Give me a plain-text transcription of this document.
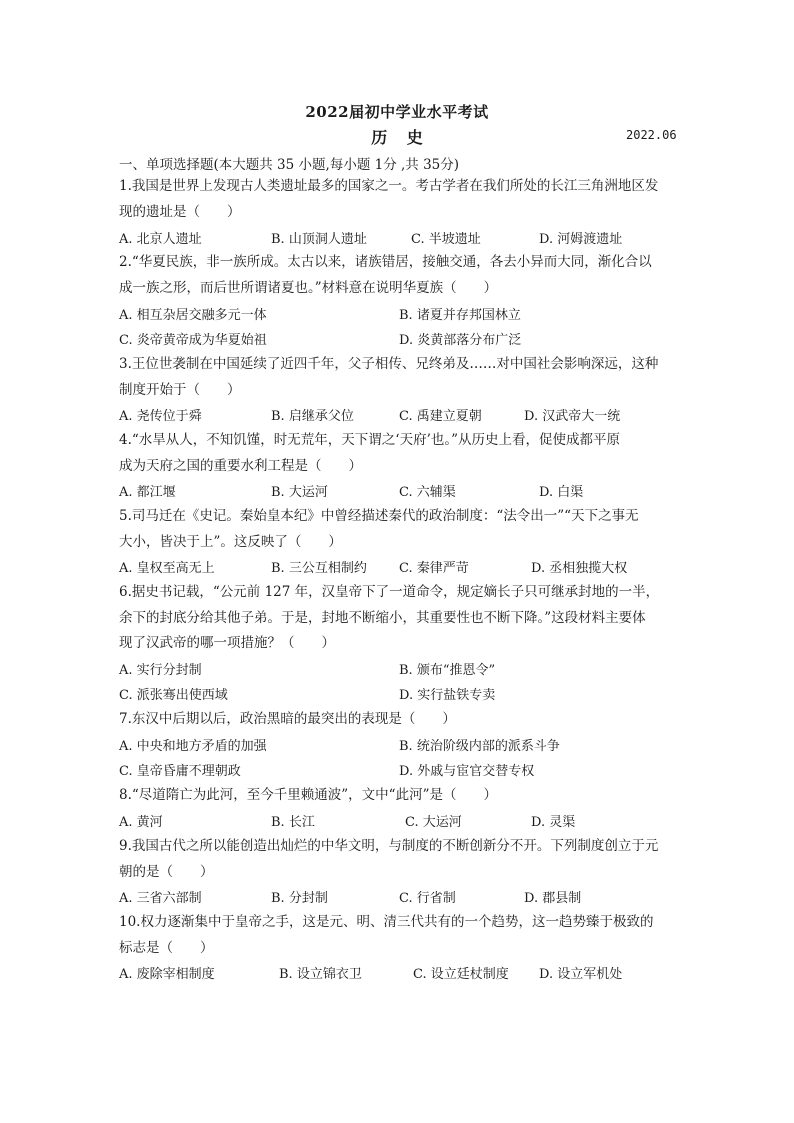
2022届初中学业水平考试
历 史	2022.06
一、单项选择题(本大题共 35 小题,每小题 1分 ,共 35分)

1.我国是世界上发现古人类遗址最多的国家之一。考古学者在我们所处的长江三角洲地区发

现的遗址是（　　）

A. 北京人遗址	B. 山顶洞人遗址	C. 半坡遗址	D. 河姆渡遗址

2.“华夏民族，非一族所成。太古以来，诸族错居，接触交通，各去小异而大同，渐化合以

成一族之形，而后世所谓诸夏也。”材料意在说明华夏族（　　）

A. 相互杂居交融多元一体	B. 诸夏并存邦国林立
C. 炎帝黄帝成为华夏始祖	D. 炎黄部落分布广泛

3.王位世袭制在中国延续了近四千年，父子相传、兄终弟及……对中国社会影响深远，这种

制度开始于（　　）

A. 尧传位于舜	B. 启继承父位	C. 禹建立夏朝	D. 汉武帝大一统

4.“水旱从人，不知饥馑，时无荒年，天下谓之‘天府’也。”从历史上看，促使成都平原

成为天府之国的重要水利工程是（　　）

A. 都江堰	B. 大运河	C. 六辅渠	D. 白渠

5.司马迁在《史记。秦始皇本纪》中曾经描述秦代的政治制度：“法令出一”“天下之事无

大小，皆决于上”。这反映了（　　）

A. 皇权至高无上	B. 三公互相制约 C. 秦律严苛	D. 丞相独揽大权

6.据史书记载，“公元前 127 年，汉皇帝下了一道命令，规定嫡长子只可继承封地的一半，

余下的封底分给其他子弟。于是，封地不断缩小，其重要性也不断下降。”这段材料主要体

现了汉武帝的哪一项措施？（　　）

A. 实行分封制	B. 颁布“推恩令”
C. 派张骞出使西域	D. 实行盐铁专卖

7.东汉中后期以后，政治黑暗的最突出的表现是（　　）

A. 中央和地方矛盾的加强	B. 统治阶级内部的派系斗争
C. 皇帝昏庸不理朝政	D. 外戚与宦官交替专权

8.“尽道隋亡为此河，至今千里赖通波”，文中“此河”是（　　）

A. 黄河	B. 长江	C. 大运河	D. 灵渠

9.我国古代之所以能创造出灿烂的中华文明，与制度的不断创新分不开。下列制度创立于元

朝的是（　　）

A. 三省六部制	B. 分封制	C. 行省制	D. 郡县制

10.权力逐渐集中于皇帝之手，这是元、明、清三代共有的一个趋势，这一趋势臻于极致的

标志是（　　）

A. 废除宰相制度	B. 设立锦衣卫	C. 设立廷杖制度 D. 设立军机处
